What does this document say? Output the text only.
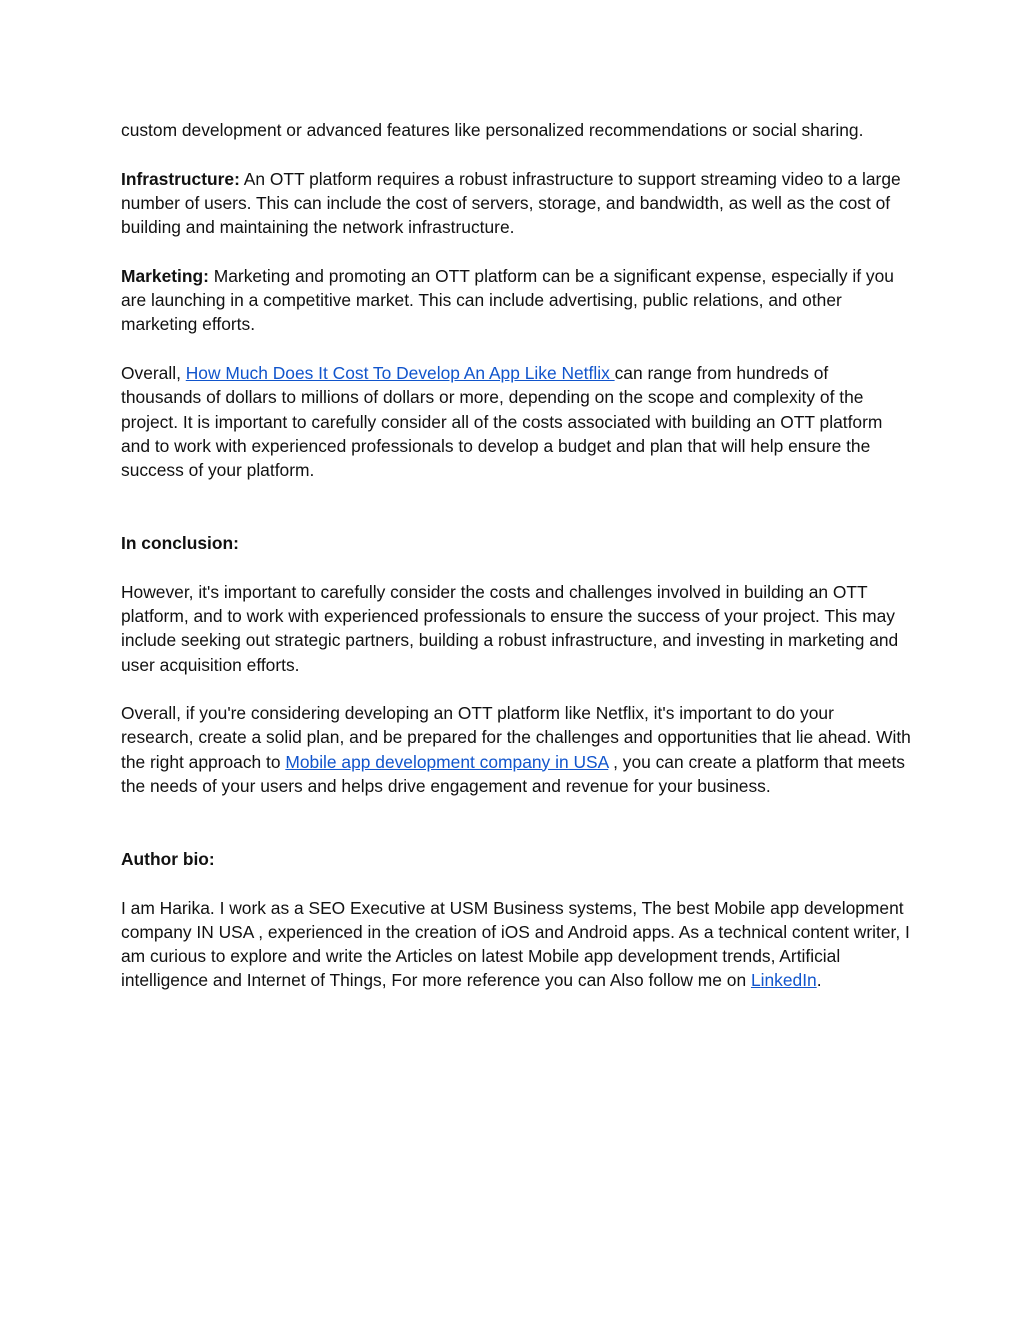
custom development or advanced features like personalized recommendations or social sharing.

Infrastructure: An OTT platform requires a robust infrastructure to support streaming video to a large number of users. This can include the cost of servers, storage, and bandwidth, as well as the cost of building and maintaining the network infrastructure.

Marketing: Marketing and promoting an OTT platform can be a significant expense, especially if you are launching in a competitive market. This can include advertising, public relations, and other marketing efforts.

Overall, How Much Does It Cost To Develop An App Like Netflix can range from hundreds of thousands of dollars to millions of dollars or more, depending on the scope and complexity of the project. It is important to carefully consider all of the costs associated with building an OTT platform and to work with experienced professionals to develop a budget and plan that will help ensure the success of your platform.

In conclusion:

However, it's important to carefully consider the costs and challenges involved in building an OTT platform, and to work with experienced professionals to ensure the success of your project. This may include seeking out strategic partners, building a robust infrastructure, and investing in marketing and user acquisition efforts.

Overall, if you're considering developing an OTT platform like Netflix, it's important to do your research, create a solid plan, and be prepared for the challenges and opportunities that lie ahead. With the right approach to Mobile app development company in USA , you can create a platform that meets the needs of your users and helps drive engagement and revenue for your business.

Author bio:

I am Harika. I work as a SEO Executive at USM Business systems, The best Mobile app development company IN USA , experienced in the creation of iOS and Android apps. As a technical content writer, I am curious to explore and write the Articles on latest Mobile app development trends, Artificial intelligence and Internet of Things, For more reference you can Also follow me on LinkedIn.
